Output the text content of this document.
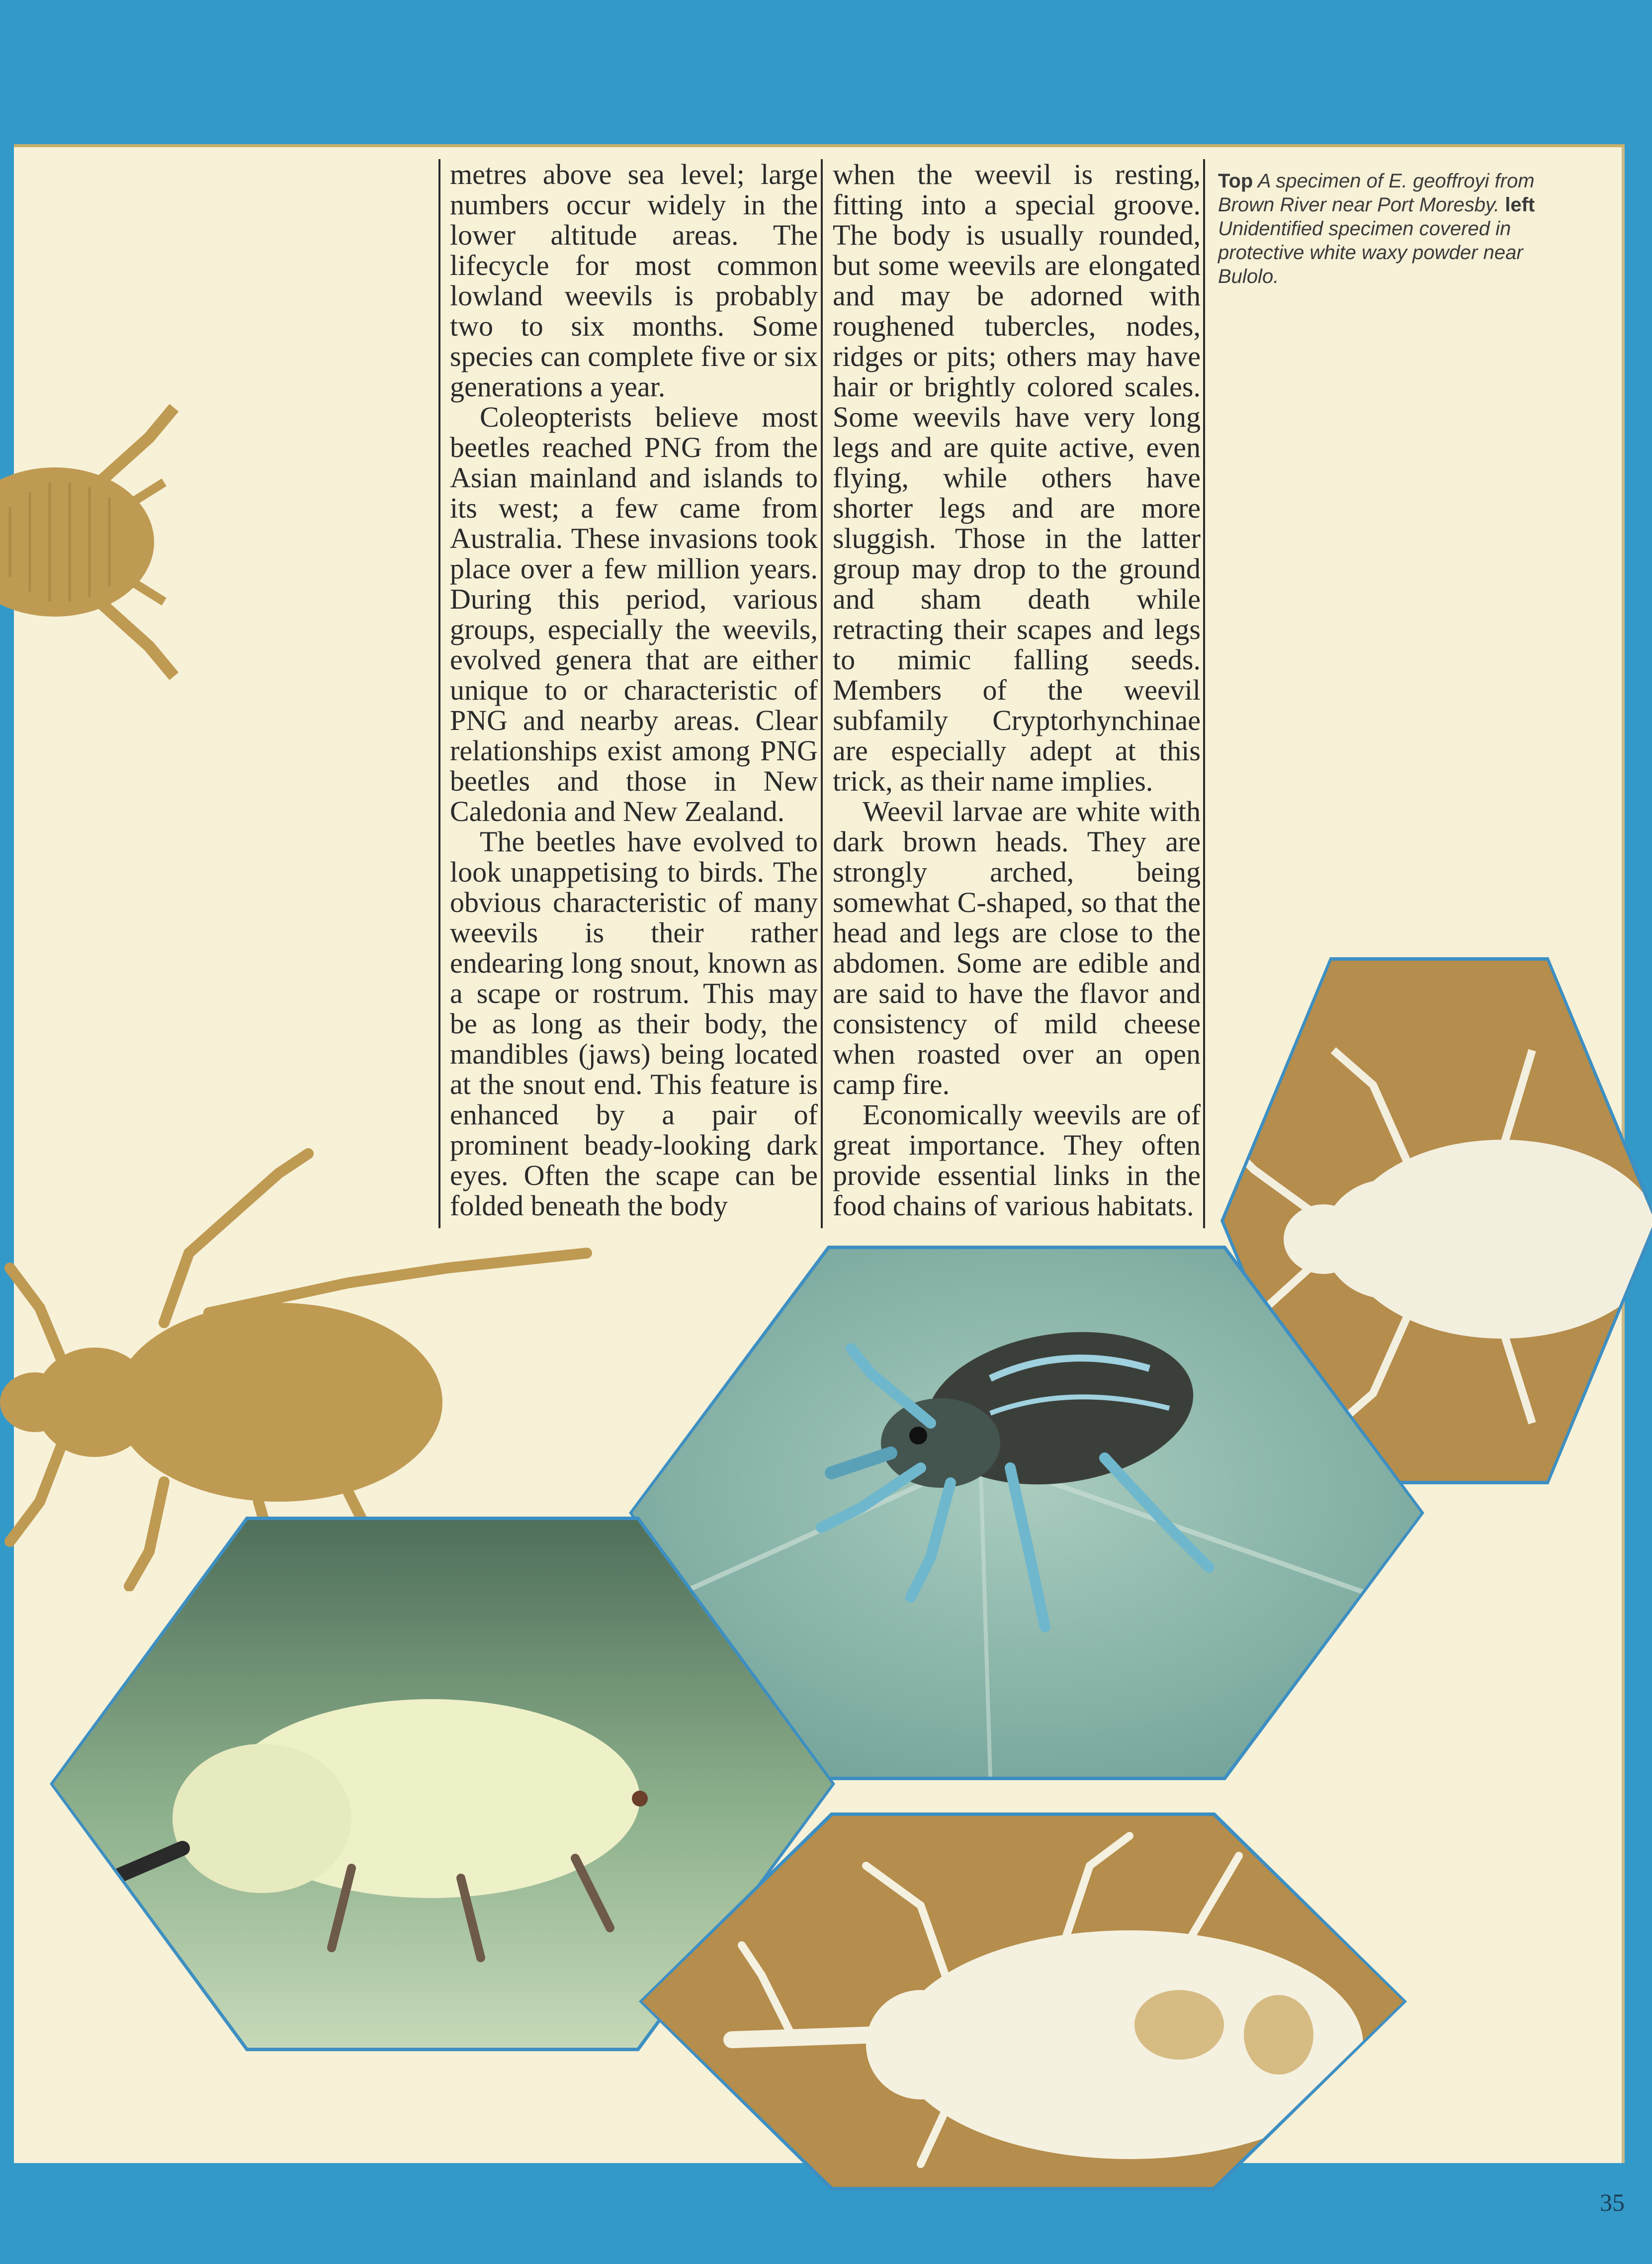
metres above sea level; large numbers occur widely in the lower altitude areas. The lifecycle for most common lowland weevils is probably two to six months. Some species can complete five or six generations a year.

Coleopterists believe most beetles reached PNG from the Asian mainland and islands to its west; a few came from Australia. These invasions took place over a few million years. During this period, various groups, especially the weevils, evolved genera that are either unique to or characteristic of PNG and nearby areas. Clear relationships exist among PNG beetles and those in New Caledonia and New Zealand.

The beetles have evolved to look unappetising to birds. The obvious characteristic of many weevils is their rather endearing long snout, known as a scape or rostrum. This may be as long as their body, the mandibles (jaws) being located at the snout end. This feature is enhanced by a pair of prominent beady-looking dark eyes. Often the scape can be folded beneath the body

when the weevil is resting, fitting into a special groove. The body is usually rounded, but some weevils are elongated and may be adorned with roughened tubercles, nodes, ridges or pits; others may have hair or brightly colored scales. Some weevils have very long legs and are quite active, even flying, while others have shorter legs and are more sluggish. Those in the latter group may drop to the ground and sham death while retracting their scapes and legs to mimic falling seeds. Members of the weevil subfamily Cryptorhynchinae are especially adept at this trick, as their name implies.

Weevil larvae are white with dark brown heads. They are strongly arched, being somewhat C-shaped, so that the head and legs are close to the abdomen. Some are edible and are said to have the flavor and consistency of mild cheese when roasted over an open camp fire.

Economically weevils are of great importance. They often provide essential links in the food chains of various habitats.

Top A specimen of E. geoffroyi from Brown River near Port Moresby. left Unidentified specimen covered in protective white waxy powder near Bulolo.
35
